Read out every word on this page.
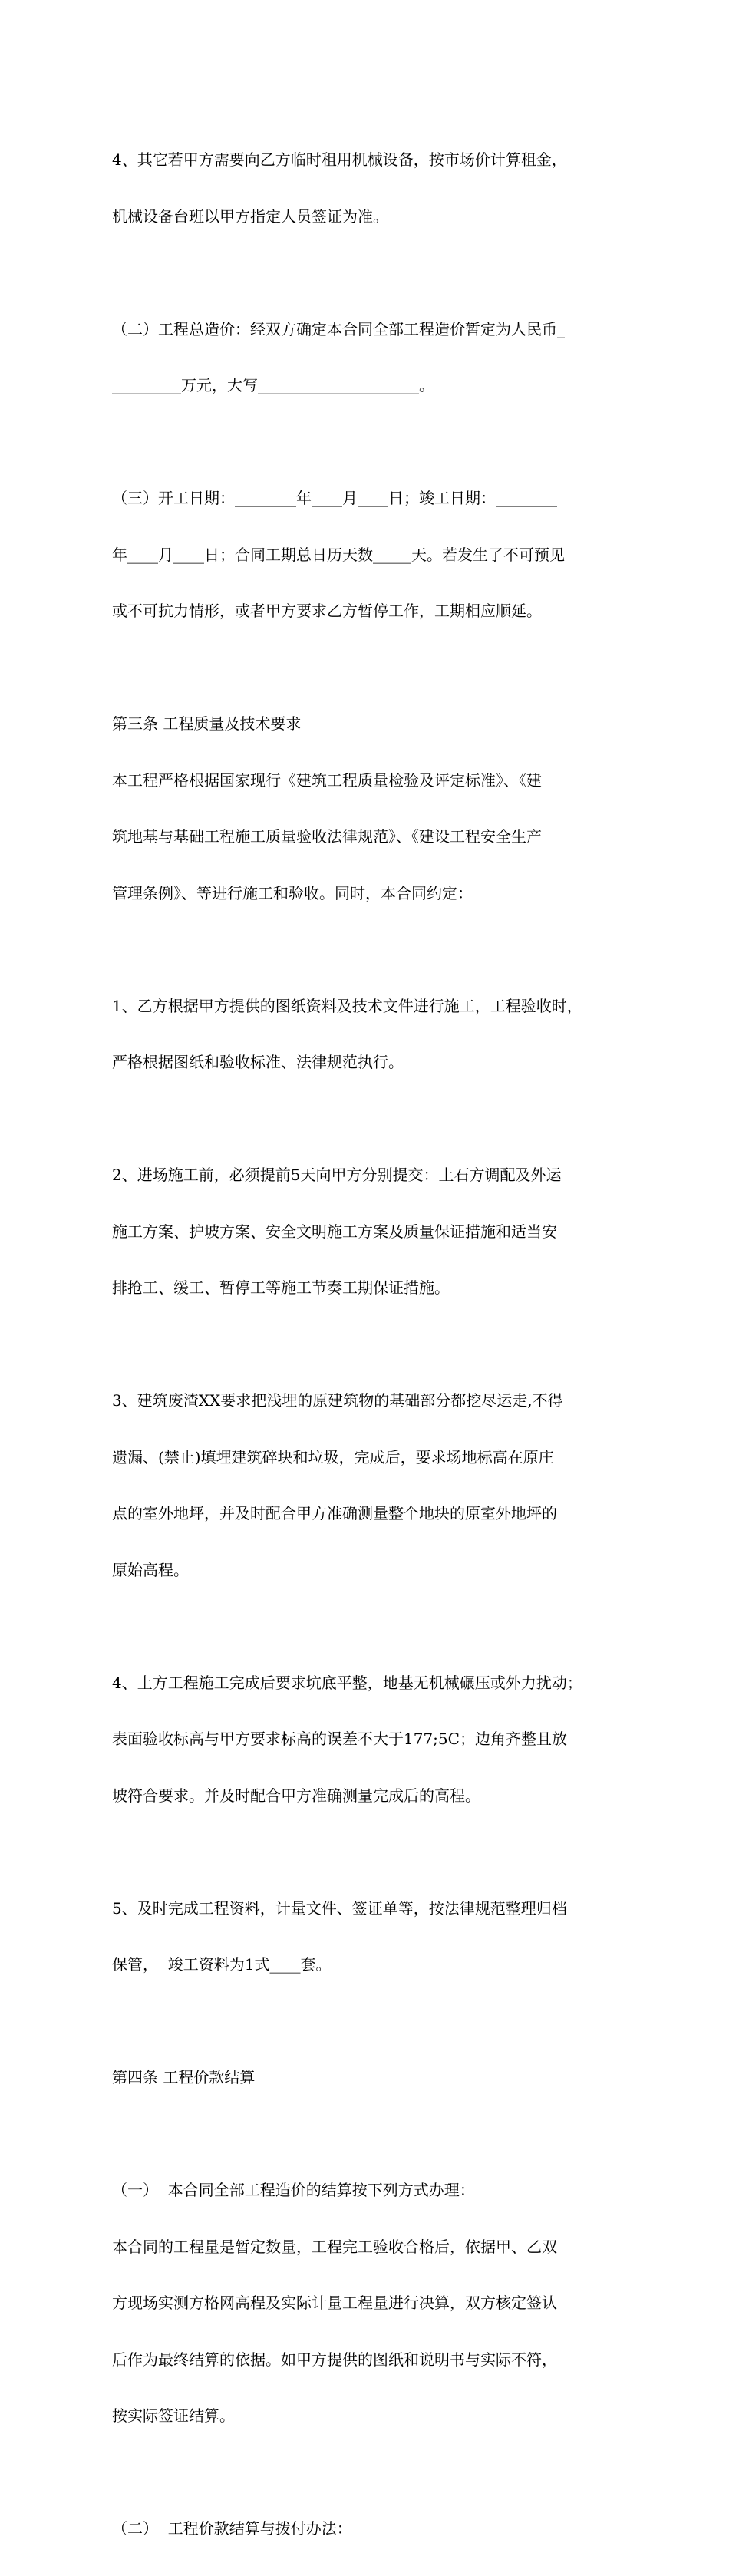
4、其它若甲方需要向乙方临时租用机械设备，按市场价计算租金，

机械设备台班以甲方指定人员签证为准。

（二）工程总造价：经双方确定本合同全部工程造价暂定为人民币_

_________万元，大写_____________________。

（三）开工日期：________年____月____日；竣工日期：________

年____月____日；合同工期总日历天数_____天。若发生了不可预见

或不可抗力情形，或者甲方要求乙方暂停工作，工期相应顺延。

第三条 工程质量及技术要求

本工程严格根据国家现行《建筑工程质量检验及评定标准》、《建

筑地基与基础工程施工质量验收法律规范》、《建设工程安全生产

管理条例》、等进行施工和验收。同时，本合同约定：

1、乙方根据甲方提供的图纸资料及技术文件进行施工，工程验收时，

严格根据图纸和验收标准、法律规范执行。

2、进场施工前，必须提前5天向甲方分别提交：土石方调配及外运

施工方案、护坡方案、安全文明施工方案及质量保证措施和适当安

排抢工、缓工、暂停工等施工节奏工期保证措施。

3、建筑废渣XX要求把浅埋的原建筑物的基础部分都挖尽运走,不得

遗漏、(禁止)填埋建筑碎块和垃圾，完成后，要求场地标高在原庄

点的室外地坪，并及时配合甲方准确测量整个地块的原室外地坪的

原始高程。

4、土方工程施工完成后要求坑底平整，地基无机械碾压或外力扰动；

表面验收标高与甲方要求标高的误差不大于177;5C；边角齐整且放

坡符合要求。并及时配合甲方准确测量完成后的高程。

5、及时完成工程资料，计量文件、签证单等，按法律规范整理归档

保管，  竣工资料为1式____套。

第四条 工程价款结算

（一）  本合同全部工程造价的结算按下列方式办理：

本合同的工程量是暂定数量，工程完工验收合格后，依据甲、乙双

方现场实测方格网高程及实际计量工程量进行决算，双方核定签认

后作为最终结算的依据。如甲方提供的图纸和说明书与实际不符，

按实际签证结算。

（二）  工程价款结算与拨付办法：
